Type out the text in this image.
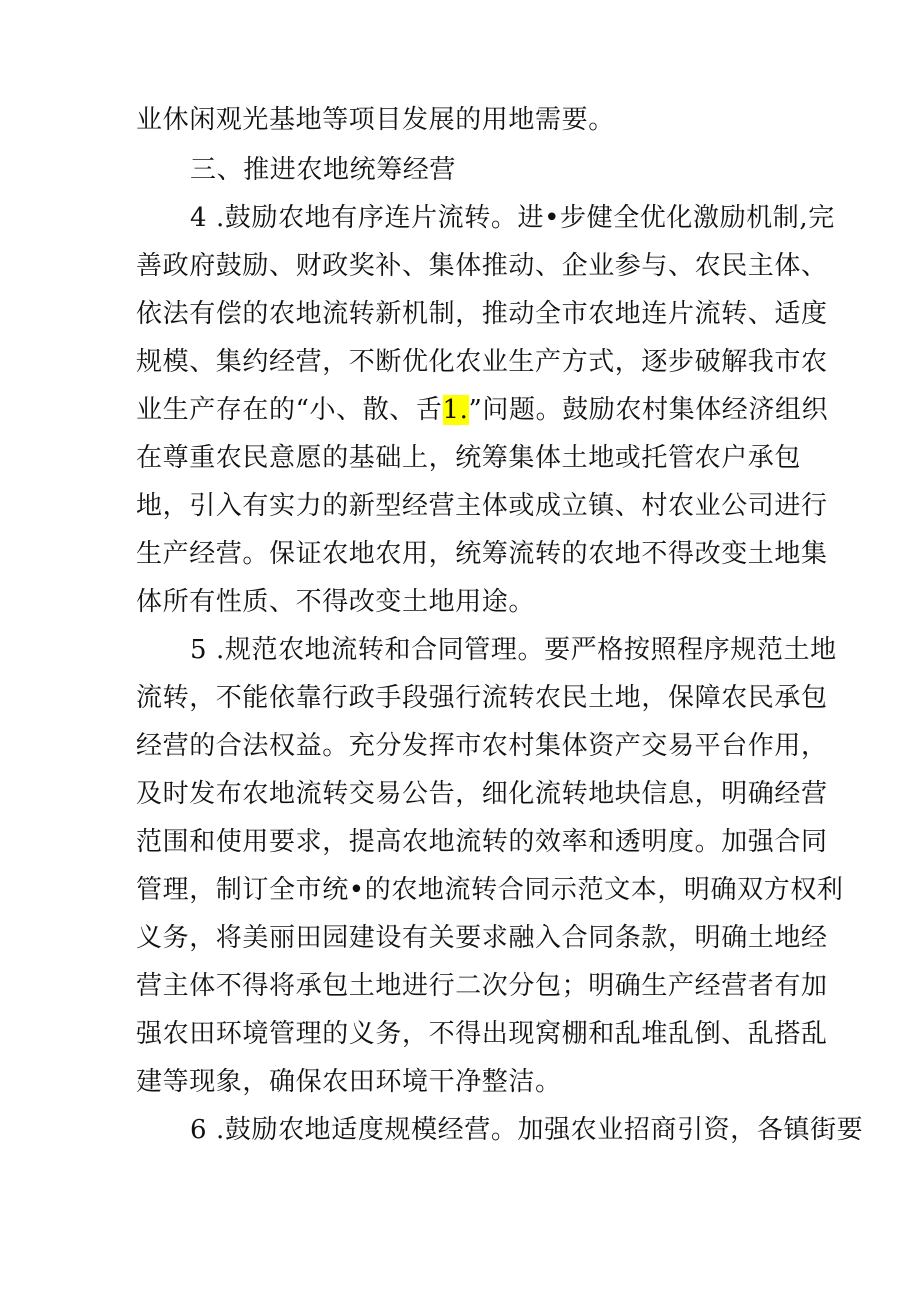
业休闲观光基地等项目发展的用地需要。

三、推进农地统筹经营

4 .鼓励农地有序连片流转。进•步健全优化激励机制,完

善政府鼓励、财政奖补、集体推动、企业参与、农民主体、

依法有偿的农地流转新机制，推动全市农地连片流转、适度

规模、集约经营，不断优化农业生产方式，逐步破解我市农

业生产存在的“小、散、舌1.”问题。鼓励农村集体经济组织

在尊重农民意愿的基础上，统筹集体土地或托管农户承包

地，引入有实力的新型经营主体或成立镇、村农业公司进行

生产经营。保证农地农用，统筹流转的农地不得改变土地集

体所有性质、不得改变土地用途。

5 .规范农地流转和合同管理。要严格按照程序规范土地

流转，不能依靠行政手段强行流转农民土地，保障农民承包

经营的合法权益。充分发挥市农村集体资产交易平台作用，

及时发布农地流转交易公告，细化流转地块信息，明确经营

范围和使用要求，提高农地流转的效率和透明度。加强合同

管理，制订全市统•的农地流转合同示范文本，明确双方权利

义务，将美丽田园建设有关要求融入合同条款，明确土地经

营主体不得将承包土地进行二次分包；明确生产经营者有加

强农田环境管理的义务，不得出现窝棚和乱堆乱倒、乱搭乱

建等现象，确保农田环境干净整洁。

6 .鼓励农地适度规模经营。加强农业招商引资，各镇街要
